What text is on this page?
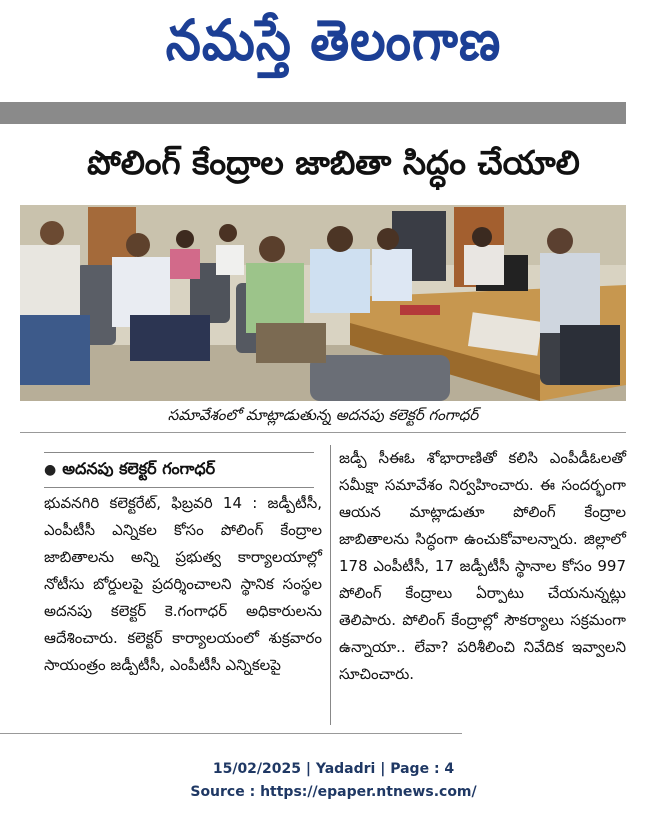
నమస్తే తెలంగాణ
పోలింగ్ కేంద్రాల జాబితా సిద్ధం చేయాలి
సమావేశంలో మాట్లాడుతున్న అదనపు కలెక్టర్ గంగాధర్
● అదనపు కలెక్టర్ గంగాధర్
భువనగిరి కలెక్టరేట్, ఫిబ్రవరి 14 : జడ్పీటీసీ, ఎంపీటీసీ ఎన్నికల కోసం పోలింగ్ కేంద్రాల జాబితాలను అన్ని ప్రభుత్వ కార్యాలయాల్లో నోటీసు బోర్డులపై ప్రదర్శించాలని స్థానిక సంస్థల అదనపు కలెక్టర్ కె.గంగాధర్ అధికారులను ఆదేశించారు. కలెక్టర్ కార్యాలయంలో శుక్రవారం సాయంత్రం జడ్పీటీసీ, ఎంపీటీసీ ఎన్నికలపై
జడ్పీ సీఈఓ శోభారాణితో కలిసి ఎంపీడీఓలతో సమీక్షా సమావేశం నిర్వహించారు. ఈ సందర్భంగా ఆయన మాట్లాడుతూ పోలింగ్ కేంద్రాల జాబితాలను సిద్ధంగా ఉంచుకోవాలన్నారు. జిల్లాలో 178 ఎంపీటీసీ, 17 జడ్పీటీసీ స్థానాల కోసం 997 పోలింగ్ కేంద్రాలు ఏర్పాటు చేయనున్నట్లు తెలిపారు. పోలింగ్ కేంద్రాల్లో సౌకర్యాలు సక్రమంగా ఉన్నాయా.. లేవా? పరిశీలించి నివేదిక ఇవ్వాలని సూచించారు.
15/02/2025 | Yadadri | Page : 4
Source : https://epaper.ntnews.com/
